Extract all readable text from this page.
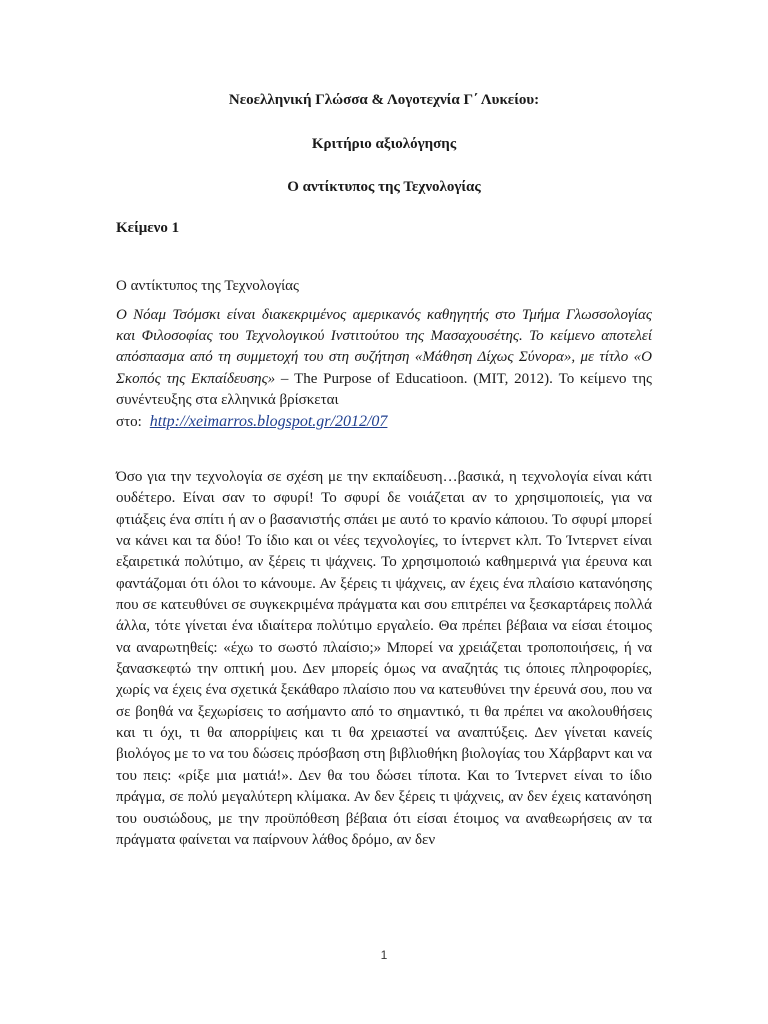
Νεοελληνική Γλώσσα & Λογοτεχνία Γ΄ Λυκείου:
Κριτήριο αξιολόγησης
Ο αντίκτυπος της Τεχνολογίας
Κείμενο 1
Ο αντίκτυπος της Τεχνολογίας
Ο Νόαμ Τσόμσκι είναι διακεκριμένος αμερικανός καθηγητής στο Τμήμα Γλωσσολογίας και Φιλοσοφίας του Τεχνολογικού Ινστιτούτου της Μασαχουσέτης. Το κείμενο αποτελεί απόσπασμα από τη συμμετοχή του στη συζήτηση «Μάθηση Δίχως Σύνορα», με τίτλο «Ο Σκοπός της Εκπαίδευσης» – The Purpose of Educatioon. (MIT, 2012). Το κείμενο της συνέντευξης στα ελληνικά βρίσκεται
στο: http://xeimarros.blogspot.gr/2012/07
Όσο για την τεχνολογία σε σχέση με την εκπαίδευση…βασικά, η τεχνολογία είναι κάτι ουδέτερο. Είναι σαν το σφυρί! Το σφυρί δε νοιάζεται αν το χρησιμοποιείς, για να φτιάξεις ένα σπίτι ή αν ο βασανιστής σπάει με αυτό το κρανίο κάποιου. Το σφυρί μπορεί να κάνει και τα δύο! Το ίδιο και οι νέες τεχνολογίες, το ίντερνετ κλπ. Το Ίντερνετ είναι εξαιρετικά πολύτιμο, αν ξέρεις τι ψάχνεις. Το χρησιμοποιώ καθημερινά για έρευνα και φαντάζομαι ότι όλοι το κάνουμε. Αν ξέρεις τι ψάχνεις, αν έχεις ένα πλαίσιο κατανόησης που σε κατευθύνει σε συγκεκριμένα πράγματα και σου επιτρέπει να ξεσκαρτάρεις πολλά άλλα, τότε γίνεται ένα ιδιαίτερα πολύτιμο εργαλείο. Θα πρέπει βέβαια να είσαι έτοιμος να αναρωτηθείς: «έχω το σωστό πλαίσιο;» Μπορεί να χρειάζεται τροποποιήσεις, ή να ξανασκεφτώ την οπτική μου. Δεν μπορείς όμως να αναζητάς τις όποιες πληροφορίες, χωρίς να έχεις ένα σχετικά ξεκάθαρο πλαίσιο που να κατευθύνει την έρευνά σου, που να σε βοηθά να ξεχωρίσεις το ασήμαντο από το σημαντικό, τι θα πρέπει να ακολουθήσεις και τι όχι, τι θα απορρίψεις και τι θα χρειαστεί να αναπτύξεις. Δεν γίνεται κανείς βιολόγος με το να του δώσεις πρόσβαση στη βιβλιοθήκη βιολογίας του Χάρβαρντ και να του πεις: «ρίξε μια ματιά!». Δεν θα του δώσει τίποτα. Και το Ίντερνετ είναι το ίδιο πράγμα, σε πολύ μεγαλύτερη κλίμακα. Αν δεν ξέρεις τι ψάχνεις, αν δεν έχεις κατανόηση του ουσιώδους, με την προϋπόθεση βέβαια ότι είσαι έτοιμος να αναθεωρήσεις αν τα πράγματα φαίνεται να παίρνουν λάθος δρόμο, αν δεν
1
